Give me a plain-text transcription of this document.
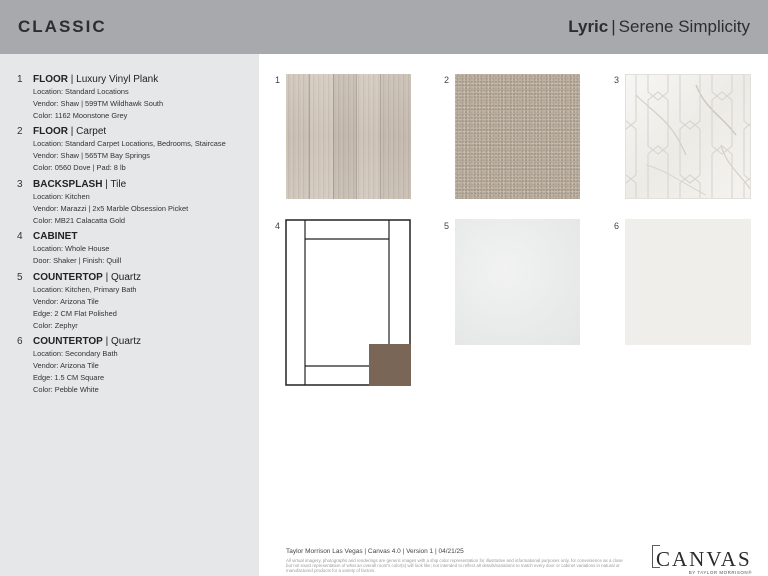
CLASSIC	Lyric | Serene Simplicity
1 FLOOR | Luxury Vinyl Plank
Location: Standard Locations
Vendor: Shaw | 599TM Wildhawk South
Color: 1162 Moonstone Grey
2 FLOOR | Carpet
Location: Standard Carpet Locations, Bedrooms, Staircase
Vendor: Shaw | 565TM Bay Springs
Color: 0560 Dove | Pad: 8 lb
3 BACKSPLASH | Tile
Location: Kitchen
Vendor: Marazzi | 2x5 Marble Obsession Picket
Color: MB21 Calacatta Gold
4 CABINET
Location: Whole House
Door: Shaker | Finish: Quill
5 COUNTERTOP | Quartz
Location: Kitchen, Primary Bath
Vendor: Arizona Tile
Edge: 2 CM Flat Polished
Color: Zephyr
6 COUNTERTOP | Quartz
Location: Secondary Bath
Vendor: Arizona Tile
Edge: 1.5 CM Square
Color: Pebble White
1	2	3
4	5	6
Taylor Morrison Las Vegas | Canvas 4.0 | Version 1 | 04/21/25
All virtual imagery, photographs and renderings are generic images with a ship color representation for illustrative and informational purposes only, for convenience as a close but not exact representation of what an overall room's color(s) will look like; not intended to reflect all details/variations to match every door or cabinet variations in natural or manufactured products for a variety of factors.	CANVAS
BY TAYLOR MORRISON®
